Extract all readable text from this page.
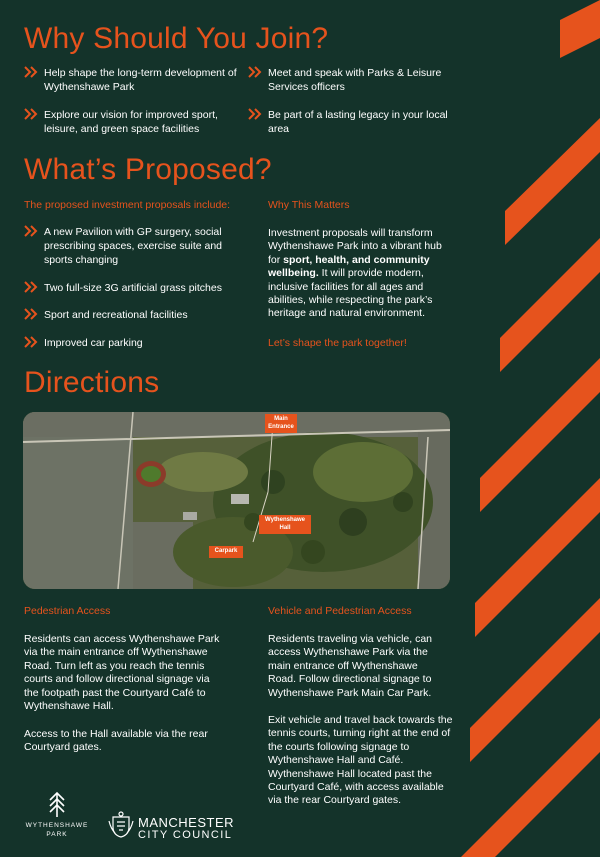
Why Should You Join?
Help shape the long-term development of Wythenshawe Park
Meet and speak with Parks & Leisure Services officers
Explore our vision for improved sport, leisure, and green space facilities
Be part of a lasting legacy in your local area
What’s Proposed?
The proposed investment proposals include:
A new Pavilion with GP surgery, social prescribing spaces, exercise suite and sports changing
Two full-size 3G artificial grass pitches
Sport and recreational facilities
Improved car parking
Why This Matters
Investment proposals will transform Wythenshawe Park into a vibrant hub for sport, health, and community wellbeing. It will provide modern, inclusive facilities for all ages and abilities, while respecting the park’s heritage and natural environment.
Let’s shape the park together!
Directions
Main Entrance
Wythenshawe Hall
Carpark
Pedestrian Access
Residents can access Wythenshawe Park via the main entrance off Wythenshawe Road. Turn left as you reach the tennis courts and follow directional signage via the footpath past the Courtyard Café to Wythenshawe Hall.
Access to the Hall available via the rear Courtyard gates.
Vehicle and Pedestrian Access
Residents traveling via vehicle, can access Wythenshawe Park via the main entrance off Wythenshawe Road. Follow directional signage to Wythenshawe Park Main Car Park.
Exit vehicle and travel back towards the tennis courts, turning right at the end of the courts following signage to Wythenshawe Hall and Café. Wythenshawe Hall located past the Courtyard Café, with access available via the rear Courtyard gates.
WYTHENSHAWE
PARK
MANCHESTER
CITY COUNCIL
